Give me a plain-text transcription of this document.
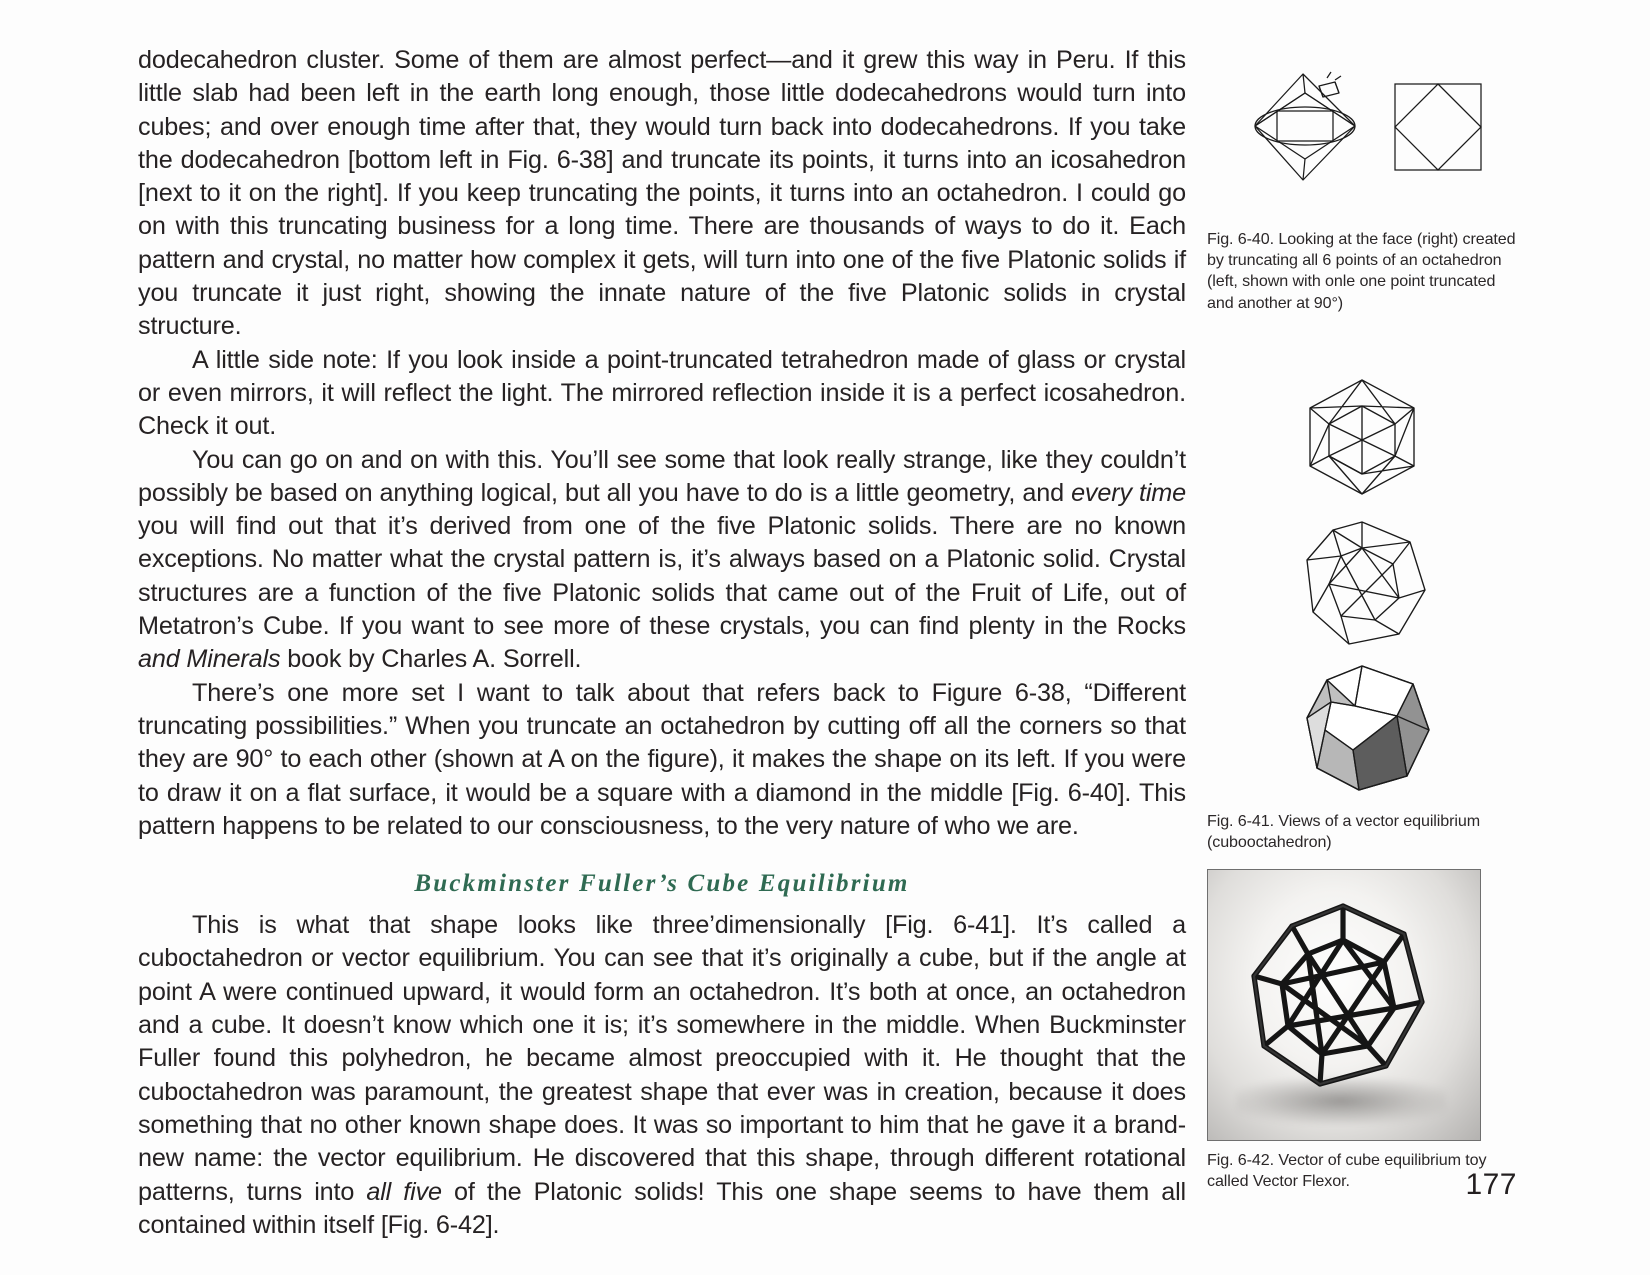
dodecahedron cluster. Some of them are almost perfect—and it grew this way in Peru. If this little slab had been left in the earth long enough, those little dodecahedrons would turn into cubes; and over enough time after that, they would turn back into dodecahedrons. If you take the dodecahedron [bottom left in Fig. 6-38] and truncate its points, it turns into an icosahedron [next to it on the right]. If you keep truncating the points, it turns into an octahedron. I could go on with this truncating business for a long time. There are thousands of ways to do it. Each pattern and crystal, no matter how complex it gets, will turn into one of the five Platonic solids if you truncate it just right, showing the innate nature of the five Platonic solids in crystal structure.

A little side note: If you look inside a point-truncated tetrahedron made of glass or crystal or even mirrors, it will reflect the light. The mirrored reflection inside it is a perfect icosahedron. Check it out.

You can go on and on with this. You’ll see some that look really strange, like they couldn’t possibly be based on anything logical, but all you have to do is a little geometry, and every time you will find out that it’s derived from one of the five Platonic solids. There are no known exceptions. No matter what the crystal pattern is, it’s always based on a Platonic solid. Crystal structures are a function of the five Platonic solids that came out of the Fruit of Life, out of Metatron’s Cube. If you want to see more of these crystals, you can find plenty in the Rocks and Minerals book by Charles A. Sorrell.

There’s one more set I want to talk about that refers back to Figure 6-38, “Different truncating possibilities.” When you truncate an octahedron by cutting off all the corners so that they are 90° to each other (shown at A on the figure), it makes the shape on its left. If you were to draw it on a flat surface, it would be a square with a diamond in the middle [Fig. 6-40]. This pattern happens to be related to our consciousness, to the very nature of who we are.

Buckminster Fuller’s Cube Equilibrium

This is what that shape looks like three’dimensionally [Fig. 6-41]. It’s called a cuboctahedron or vector equilibrium. You can see that it’s originally a cube, but if the angle at point A were continued upward, it would form an octahedron. It’s both at once, an octahedron and a cube. It doesn’t know which one it is; it’s somewhere in the middle. When Buckminster Fuller found this polyhedron, he became almost preoccupied with it. He thought that the cuboctahedron was paramount, the greatest shape that ever was in creation, because it does something that no other known shape does. It was so important to him that he gave it a brand-new name: the vector equilibrium. He discovered that this shape, through different rotational patterns, turns into all five of the Platonic solids! This one shape seems to have them all contained within itself [Fig. 6-42].

Fig. 6-40. Looking at the face (right) created by truncating all 6 points of an octahedron (left, shown with onle one point truncated and another at 90°)

Fig. 6-41. Views of a vector equilibrium (cubooctahedron)

Fig. 6-42. Vector of cube equilibrium toy called Vector Flexor.	177
